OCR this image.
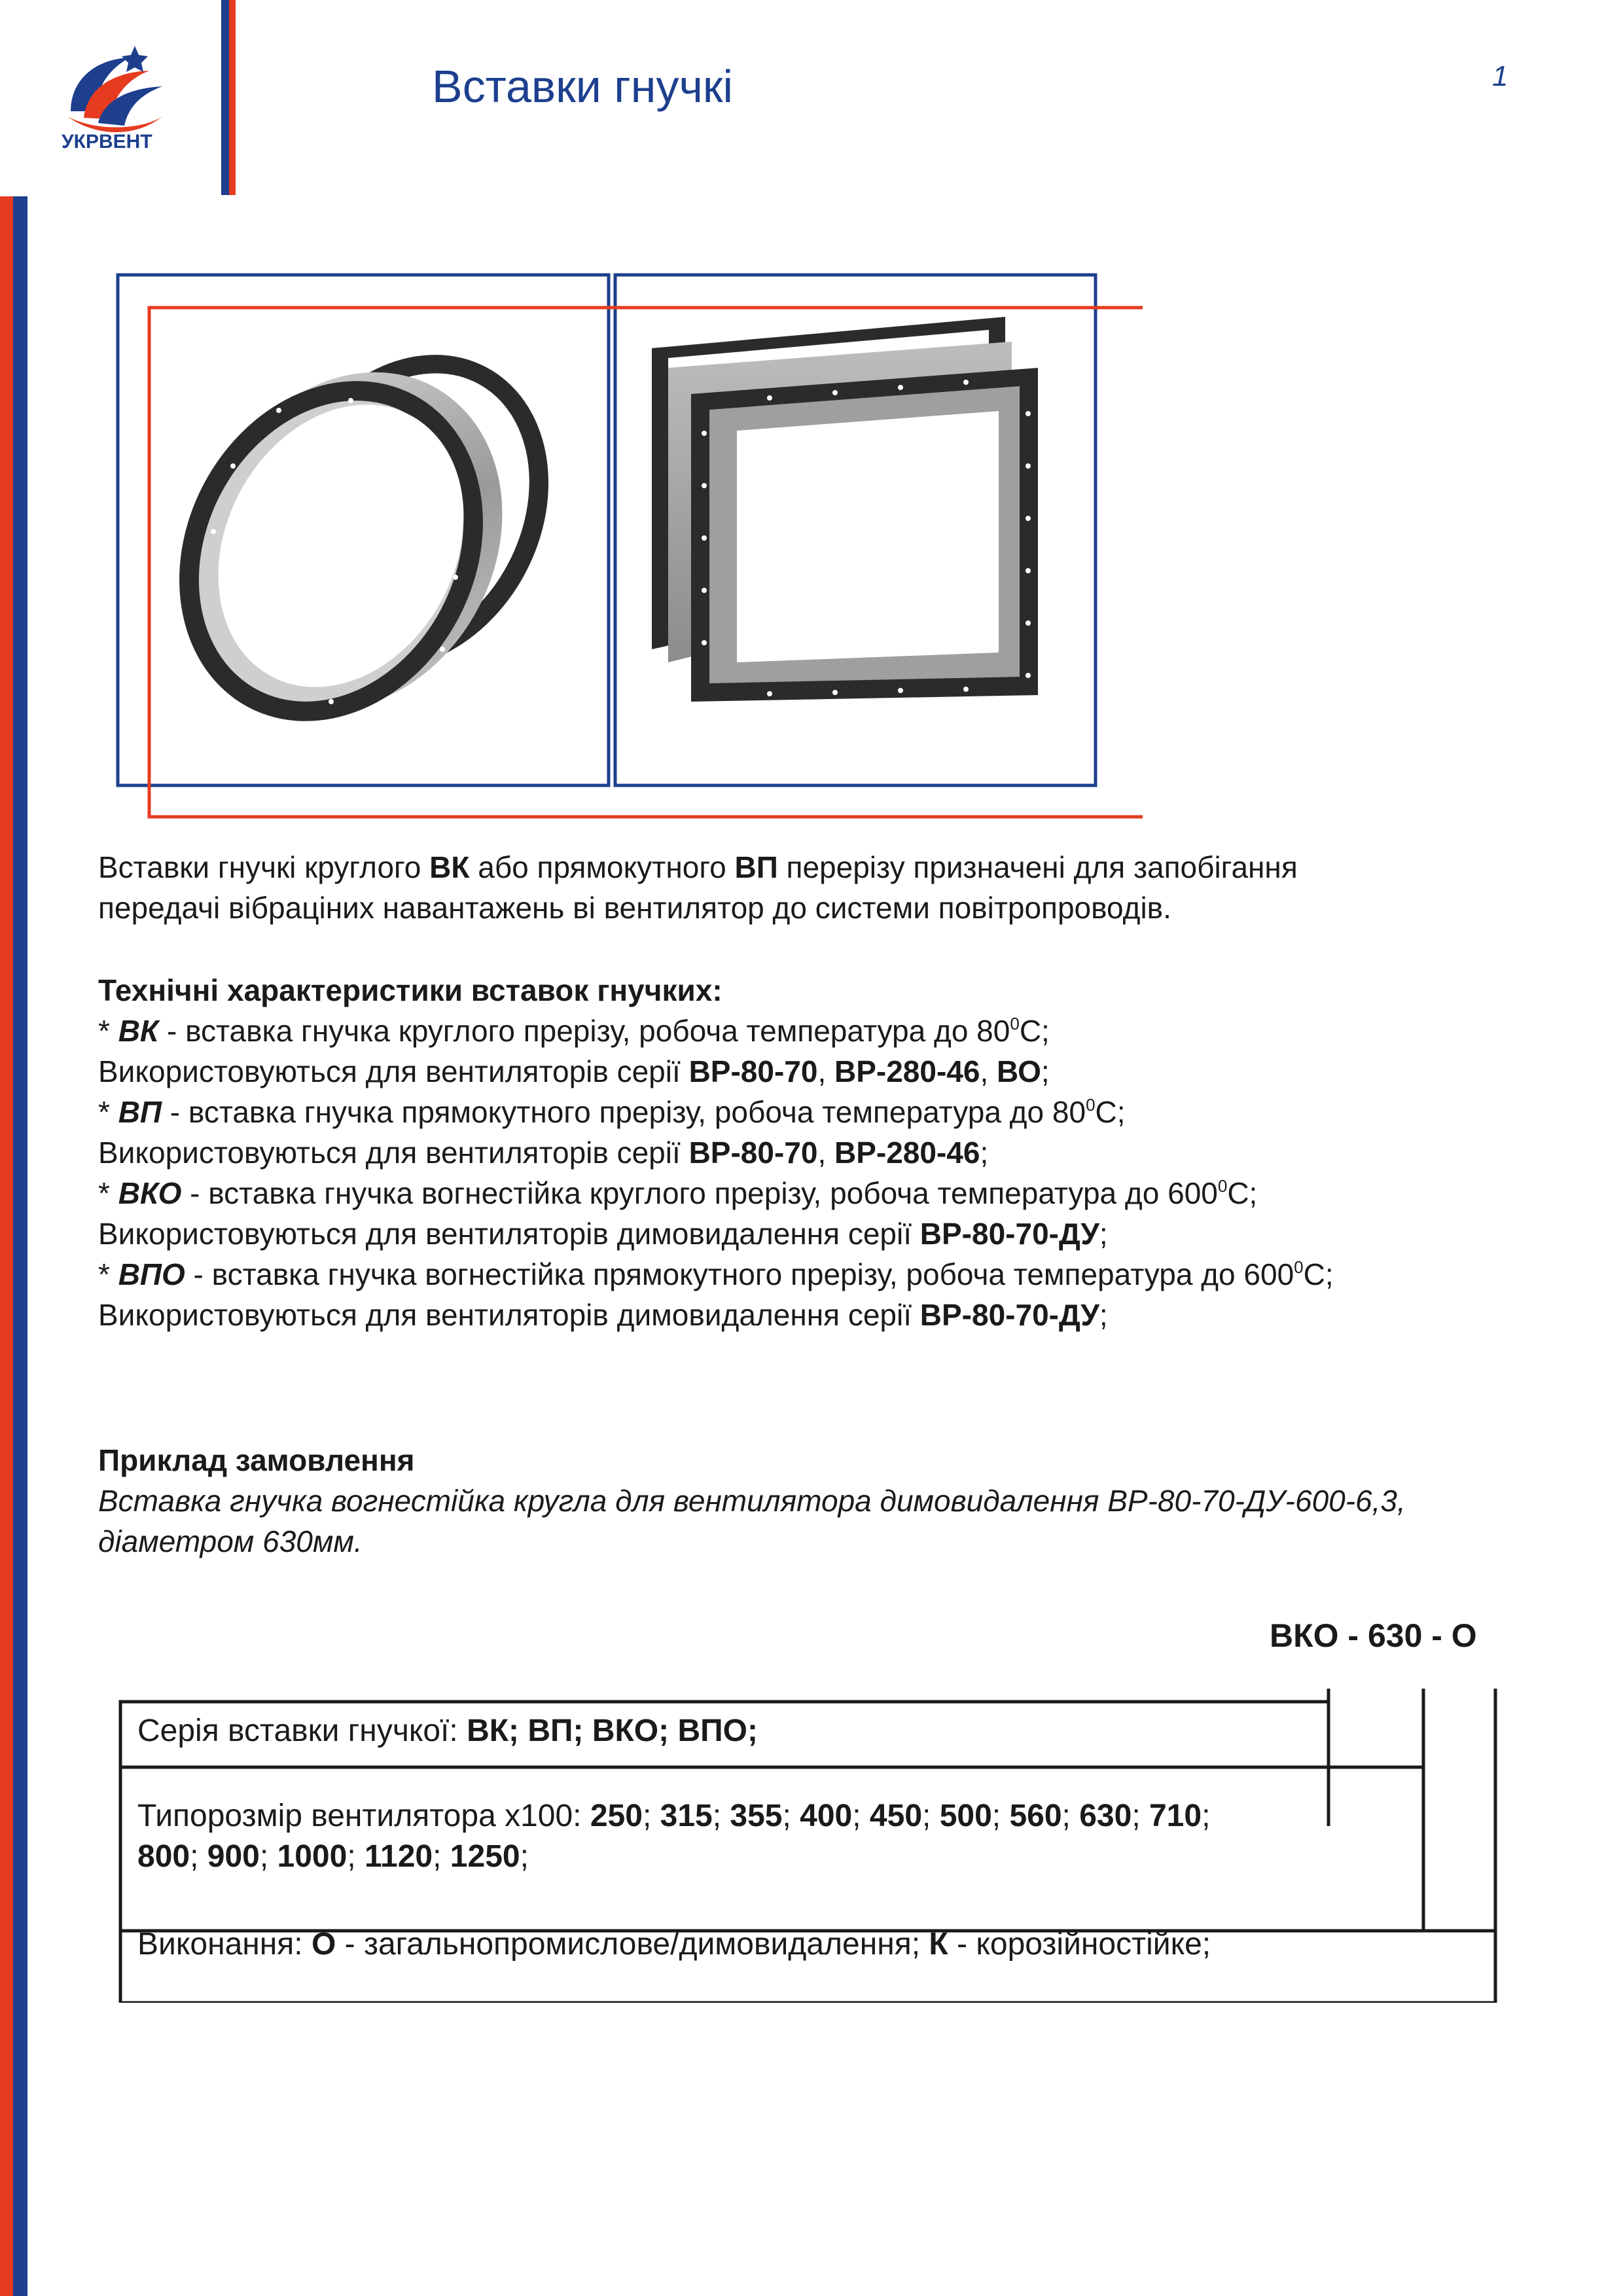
УКРВЕНТ
Вставки гнучкі	1
Вставки гнучкі круглого ВК або прямокутного ВП перерізу призначені для запобігання
передачі вібраціних навантажень ві вентилятор до системи повітропроводів.
Технічні характеристики вставок гнучких:
* ВК - вставка гнучка круглого прерізу, робоча температура до $80^0С$;
Використовуються для вентиляторів серії ВР-80-70, ВР-280-46, ВО;
* ВП - вставка гнучка прямокутного прерізу, робоча температура до $80^0С$;
Використовуються для вентиляторів серії ВР-80-70, ВР-280-46;
* ВКО - вставка гнучка вогнестійка круглого прерізу, робоча температура до $600^0С$;
Використовуються для вентиляторів димовидалення серії ВР-80-70-ДУ;
* ВПО - вставка гнучка вогнестійка прямокутного прерізу, робоча температура до $600^0С$;
Використовуються для вентиляторів димовидалення серії ВР-80-70-ДУ;
Приклад замовлення
Вставка гнучка вогнестійка кругла для вентилятора димовидалення ВР-80-70-ДУ-600-6,3,
діаметром 630мм.
ВКО - 630 - О
Серія вставки гнучкої: ВК; ВП; ВКО; ВПО;
Типорозмір вентилятора х100: 250; 315; 355; 400; 450; 500; 560; 630; 710;
800; 900; 1000; 1120; 1250;
Виконання: О - загальнопромислове/димовидалення; К - корозійностійке;
